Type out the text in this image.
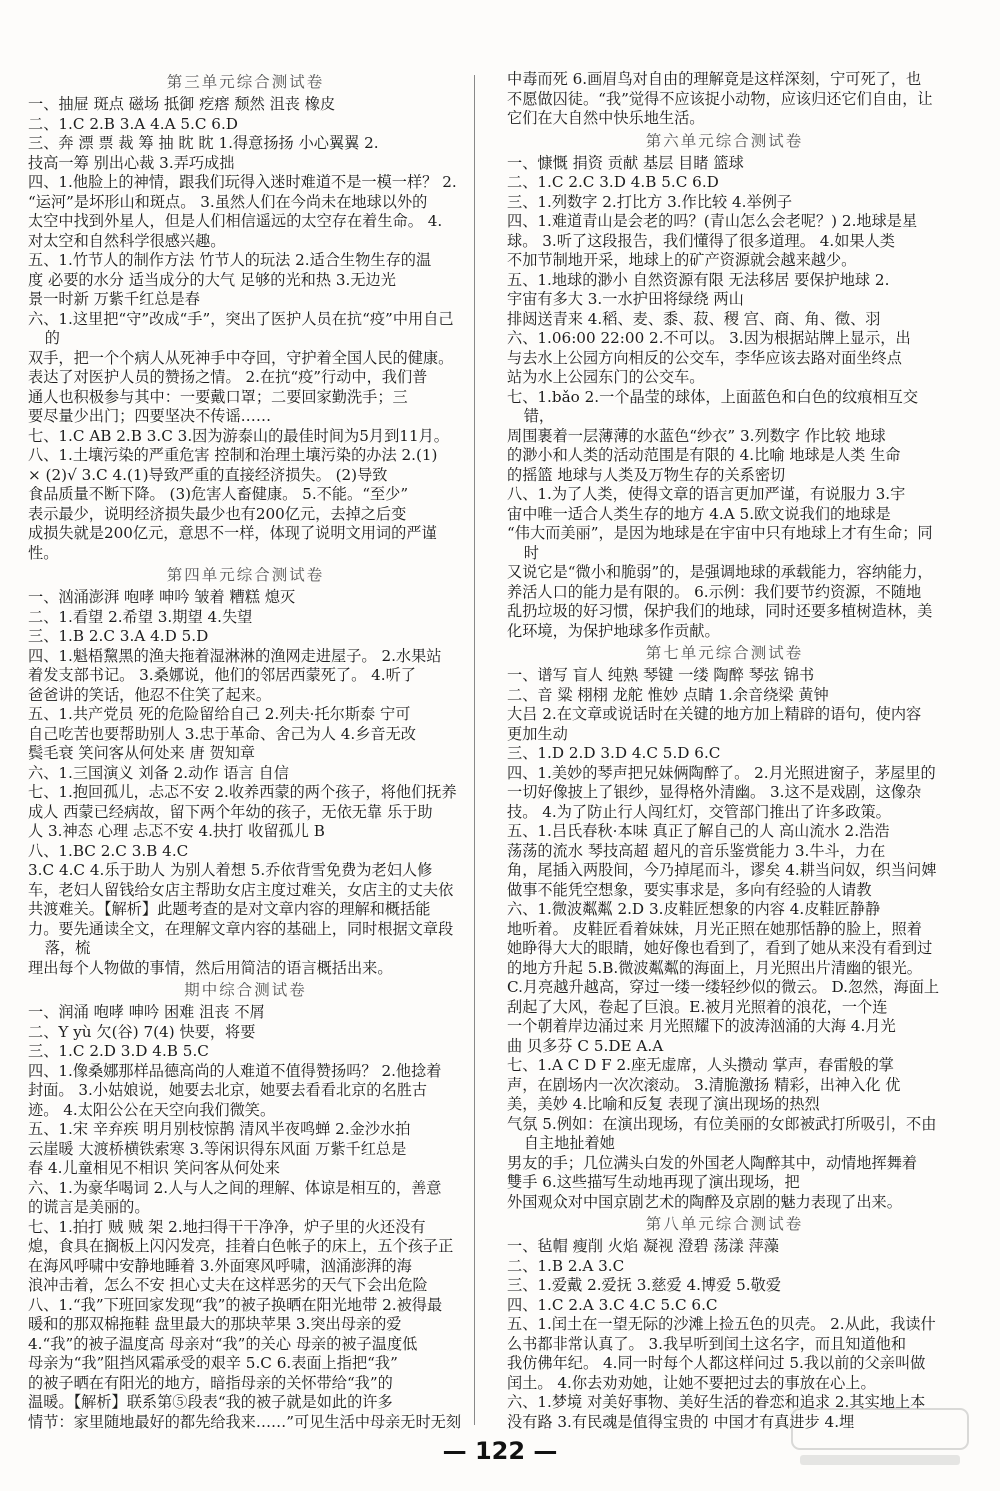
第三单元综合测试卷
一、抽屉 斑点 磁场 抵御 疙瘩 颓然 沮丧 橡皮
二、1.C 2.B 3.A 4.A 5.C 6.D
三、奔 漂 票 裁 筹 抽 眈 眈 1.得意扬扬 小心翼翼 2.
技高一筹 别出心裁 3.弄巧成拙
四、1.他脸上的神情，跟我们玩得入迷时难道不是一模一样？ 2.
“运河”是坏形山和斑点。 3.虽然人们在今尚未在地球以外的
太空中找到外星人，但是人们相信遥远的太空存在着生命。 4.
对太空和自然科学很感兴趣。
五、1.竹节人的制作方法 竹节人的玩法 2.适合生物生存的温
度 必要的水分 适当成分的大气 足够的光和热 3.无边光
景一时新 万紫千红总是春
六、1.这里把“守”改成“手”，突出了医护人员在抗“疫”中用自己的
双手，把一个个病人从死神手中夺回，守护着全国人民的健康。
表达了对医护人员的赞扬之情。 2.在抗“疫”行动中，我们普
通人也积极参与其中：一要戴口罩；二要回家勤洗手；三
要尽量少出门；四要坚决不传谣……
七、1.C AB 2.B 3.C 3.因为游泰山的最佳时间为5月到11月。
八、1.土壤污染的严重危害 控制和治理土壤污染的办法 2.(1)
× (2)√ 3.C 4.(1)导致严重的直接经济损失。 (2)导致
食品质量不断下降。 (3)危害人畜健康。 5.不能。“至少”
表示最少，说明经济损失最少也有200亿元，去掉之后变
成损失就是200亿元，意思不一样，体现了说明文用词的严谨
性。
第四单元综合测试卷
一、汹涌澎湃 咆哮 呻吟 皱着 糟糕 熄灭
二、1.看望 2.希望 3.期望 4.失望
三、1.B 2.C 3.A 4.D 5.D
四、1.魁梧黧黑的渔夫拖着湿淋淋的渔网走进屋子。 2.水果站
着发支部书记。 3.桑娜说，他们的邻居西蒙死了。 4.听了
爸爸讲的笑话，他忍不住笑了起来。
五、1.共产党员 死的危险留给自己 2.列夫·托尔斯泰 宁可
自己吃苦也要帮助别人 3.忠于革命、舍己为人 4.乡音无改
鬓毛衰 笑问客从何处来 唐 贺知章
六、1.三国演义 刘备 2.动作 语言 自信
七、1.抱回孤儿，忐忑不安 2.收养西蒙的两个孩子，将他们抚养
成人 西蒙已经病故，留下两个年幼的孩子，无依无靠 乐于助
人 3.神态 心理 忐忑不安 4.抉打 收留孤儿 B
八、1.BC 2.C 3.B 4.C
3.C 4.C 4.乐于助人 为别人着想 5.乔依背雪免费为老妇人修
车，老妇人留钱给女店主帮助女店主度过难关，女店主的丈夫依
共渡难关。【解析】此题考查的是对文章内容的理解和概括能
力。要先通读全文，在理解文章内容的基础上，同时根据文章段落，梳
理出每个人物做的事情，然后用简洁的语言概括出来。
期中综合测试卷
一、润涌 咆哮 呻吟 困难 沮丧 不屑
二、Y yù 欠(谷) 7(4) 快要，将要
三、1.C 2.D 3.D 4.B 5.C
四、1.像桑娜那样品德高尚的人难道不值得赞扬吗？ 2.他捻着
封面。 3.小姑娘说，她要去北京，她要去看看北京的名胜古
迹。 4.太阳公公在天空向我们微笑。
五、1.宋 辛弃疾 明月别枝惊鹊 清风半夜鸣蝉 2.金沙水拍
云崖暖 大渡桥横铁索寒 3.等闲识得东风面 万紫千红总是
春 4.儿童相见不相识 笑问客从何处来
六、1.为豪华喝词 2.人与人之间的理解、体谅是相互的，善意
的谎言是美丽的。
七、1.拍打 贼 贼 架 2.地扫得干干净净，炉子里的火还没有
熄，食具在搁板上闪闪发亮，挂着白色帐子的床上，五个孩子正
在海风呼啸中安静地睡着 3.外面寒风呼啸，汹涌澎湃的海
浪冲击着，怎么不安 担心丈夫在这样恶劣的天气下会出危险
八、1.“我”下班回家发现“我”的被子换晒在阳光地带 2.被得最
暖和的那双棉拖鞋 盘里最大的那块苹果 3.突出母亲的爱
4.“我”的被子温度高 母亲对“我”的关心 母亲的被子温度低
母亲为“我”阻挡风霜承受的艰辛 5.C 6.表面上指把“我”
的被子晒在有阳光的地方，暗指母亲的关怀带给“我”的
温暖。【解析】联系第⑤段表“我的被子就是如此的许多
情节：家里随地最好的都先给我来……”可见生活中母亲无时无刻
中毒而死 6.画眉鸟对自由的理解竟是这样深刻，宁可死了，也
不愿做囚徒。“我”觉得不应该捉小动物，应该归还它们自由，让
它们在大自然中快乐地生活。
第六单元综合测试卷
一、慷慨 捐资 贡献 基层 目睹 篮球
二、1.C 2.C 3.D 4.B 5.C 6.D
三、1.列数字 2.打比方 3.作比较 4.举例子
四、1.难道青山是会老的吗？(青山怎么会老呢？) 2.地球是星
球。 3.听了这段报告，我们懂得了很多道理。 4.如果人类
不加节制地开采，地球上的矿产资源就会越来越少。
五、1.地球的渺小 自然资源有限 无法移居 要保护地球 2.
宇宙有多大 3.一水护田将绿绕 两山
排闼送青来 4.稻、麦、黍、菽、稷 宫、商、角、徵、羽
六、1.06:00 22:00 2.不可以。 3.因为根据站牌上显示，出
与去水上公园方向相反的公交车，李华应该去路对面坐终点
站为水上公园东门的公交车。
七、1.bǎo 2.一个晶莹的球体，上面蓝色和白色的纹痕相互交错，
周围裹着一层薄薄的水蓝色“纱衣” 3.列数字 作比较 地球
的渺小和人类的活动范围是有限的 4.比喻 地球是人类 生命
的摇篮 地球与人类及万物生存的关系密切
八、1.为了人类，使得文章的语言更加严谨，有说服力 3.宇
宙中唯一适合人类生存的地方 4.A 5.欧文说我们的地球是
“伟大而美丽”，是因为地球是在宇宙中只有地球上才有生命；同时
又说它是“微小和脆弱”的，是强调地球的承载能力，容纳能力，
养活人口的能力是有限的。 6.示例：我们要节约资源，不随地
乱扔垃圾的好习惯，保护我们的地球，同时还要多植树造林，美
化环境，为保护地球多作贡献。
第七单元综合测试卷
一、谱写 盲人 纯熟 琴键 一缕 陶醉 琴弦 锦书
二、音 粱 栩栩 龙舵 惟妙 点睛 1.余音绕梁 黄钟
大吕 2.在文章或说话时在关键的地方加上精辟的语句，使内容
更加生动
三、1.D 2.D 3.D 4.C 5.D 6.C
四、1.美妙的琴声把兄妹俩陶醉了。 2.月光照进窗子，茅屋里的
一切好像披上了银纱，显得格外清幽。 3.这不是戏剧，这像杂
技。 4.为了防止行人闯红灯，交管部门推出了许多政策。
五、1.吕氏春秋·本味 真正了解自己的人 高山流水 2.浩浩
荡荡的流水 琴技高超 超凡的音乐鉴赏能力 3.牛斗，力在
角，尾插入两股间，今乃掉尾而斗，谬矣 4.耕当问奴，织当问婢
做事不能凭空想象，要实事求是，多向有经验的人请教
六、1.微波粼粼 2.D 3.皮鞋匠想象的内容 4.皮鞋匠静静
地听着。 皮鞋匠看着妹妹，月光正照在她那恬静的脸上，照着
她睁得大大的眼睛，她好像也看到了，看到了她从来没有看到过
的地方升起 5.B.微波粼粼的海面上，月光照出片清幽的银光。
C.月亮越升越高，穿过一缕一缕轻纱似的微云。 D.忽然，海面上
刮起了大风，卷起了巨浪。E.被月光照着的浪花，一个连
一个朝着岸边涌过来 月光照耀下的波涛汹涌的大海 4.月光
曲 贝多芬 C 5.DE A.A
七、1.A C D F 2.座无虚席，人头攒动 掌声，春雷般的掌
声，在剧场内一次次滚动。 3.清脆激扬 精彩，出神入化 优
美，美妙 4.比喻和反复 表现了演出现场的热烈
气氛 5.例如：在演出现场，有位美丽的女郎被武打所吸引，不由自主地扯着她
男友的手；几位满头白发的外国老人陶醉其中，动情地挥舞着
雙手 6.这些描写生动地再现了演出现场，把
外国观众对中国京剧艺术的陶醉及京剧的魅力表现了出来。
第八单元综合测试卷
一、毡帽 瘦削 火焰 凝视 澄碧 荡漾 萍藻
二、1.B 2.A 3.C
三、1.爱戴 2.爱抚 3.慈爱 4.博爱 5.敬爱
四、1.C 2.A 3.C 4.C 5.C 6.C
五、1.闰土在一望无际的沙滩上捡五色的贝壳。 2.从此，我读什
么书都非常认真了。 3.我早听到闰土这名字，而且知道他和
我仿佛年纪。 4.同一时每个人都这样问过 5.我以前的父亲叫做
闰土。 4.你去劝劝她，让她不要把过去的事放在心上。
六、1.梦境 对美好事物、美好生活的眷恋和追求 2.其实地上本
没有路 3.有民魂是值得宝贵的 中国才有真进步 4.埋
— 122 —
